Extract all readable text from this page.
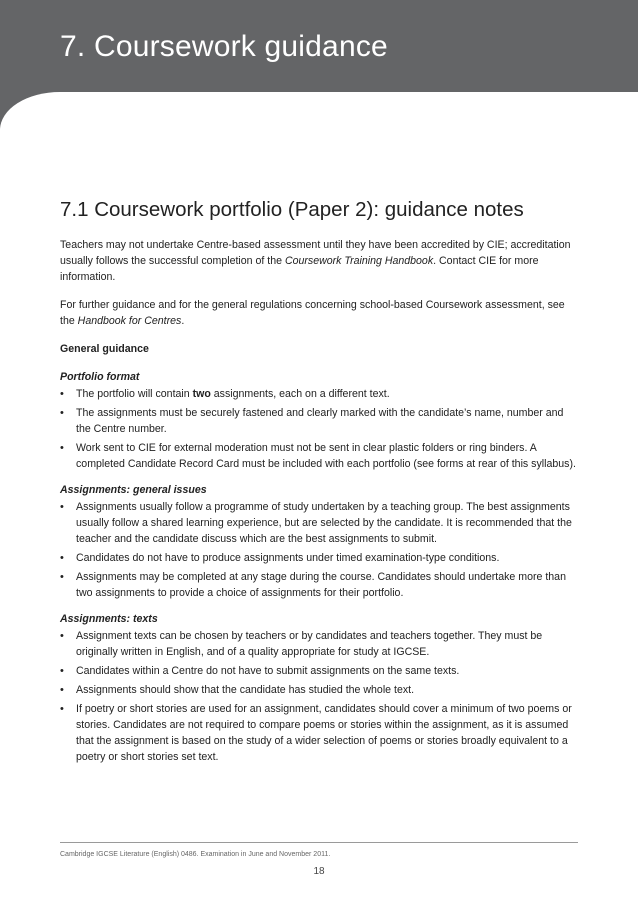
7. Coursework guidance
7.1 Coursework portfolio (Paper 2): guidance notes

Teachers may not undertake Centre-based assessment until they have been accredited by CIE; accreditation usually follows the successful completion of the Coursework Training Handbook. Contact CIE for more information.

For further guidance and for the general regulations concerning school-based Coursework assessment, see the Handbook for Centres.

General guidance
Portfolio format
• The portfolio will contain two assignments, each on a different text.
• The assignments must be securely fastened and clearly marked with the candidate’s name, number and the Centre number.
• Work sent to CIE for external moderation must not be sent in clear plastic folders or ring binders. A completed Candidate Record Card must be included with each portfolio (see forms at rear of this syllabus).
Assignments: general issues
• Assignments usually follow a programme of study undertaken by a teaching group. The best assignments usually follow a shared learning experience, but are selected by the candidate. It is recommended that the teacher and the candidate discuss which are the best assignments to submit.
• Candidates do not have to produce assignments under timed examination-type conditions.
• Assignments may be completed at any stage during the course. Candidates should undertake more than two assignments to provide a choice of assignments for their portfolio.
Assignments: texts
• Assignment texts can be chosen by teachers or by candidates and teachers together. They must be originally written in English, and of a quality appropriate for study at IGCSE.
• Candidates within a Centre do not have to submit assignments on the same texts.
• Assignments should show that the candidate has studied the whole text.
• If poetry or short stories are used for an assignment, candidates should cover a minimum of two poems or stories. Candidates are not required to compare poems or stories within the assignment, as it is assumed that the assignment is based on the study of a wider selection of poems or stories broadly equivalent to a poetry or short stories set text.
Cambridge IGCSE Literature (English) 0486. Examination in June and November 2011.
18
